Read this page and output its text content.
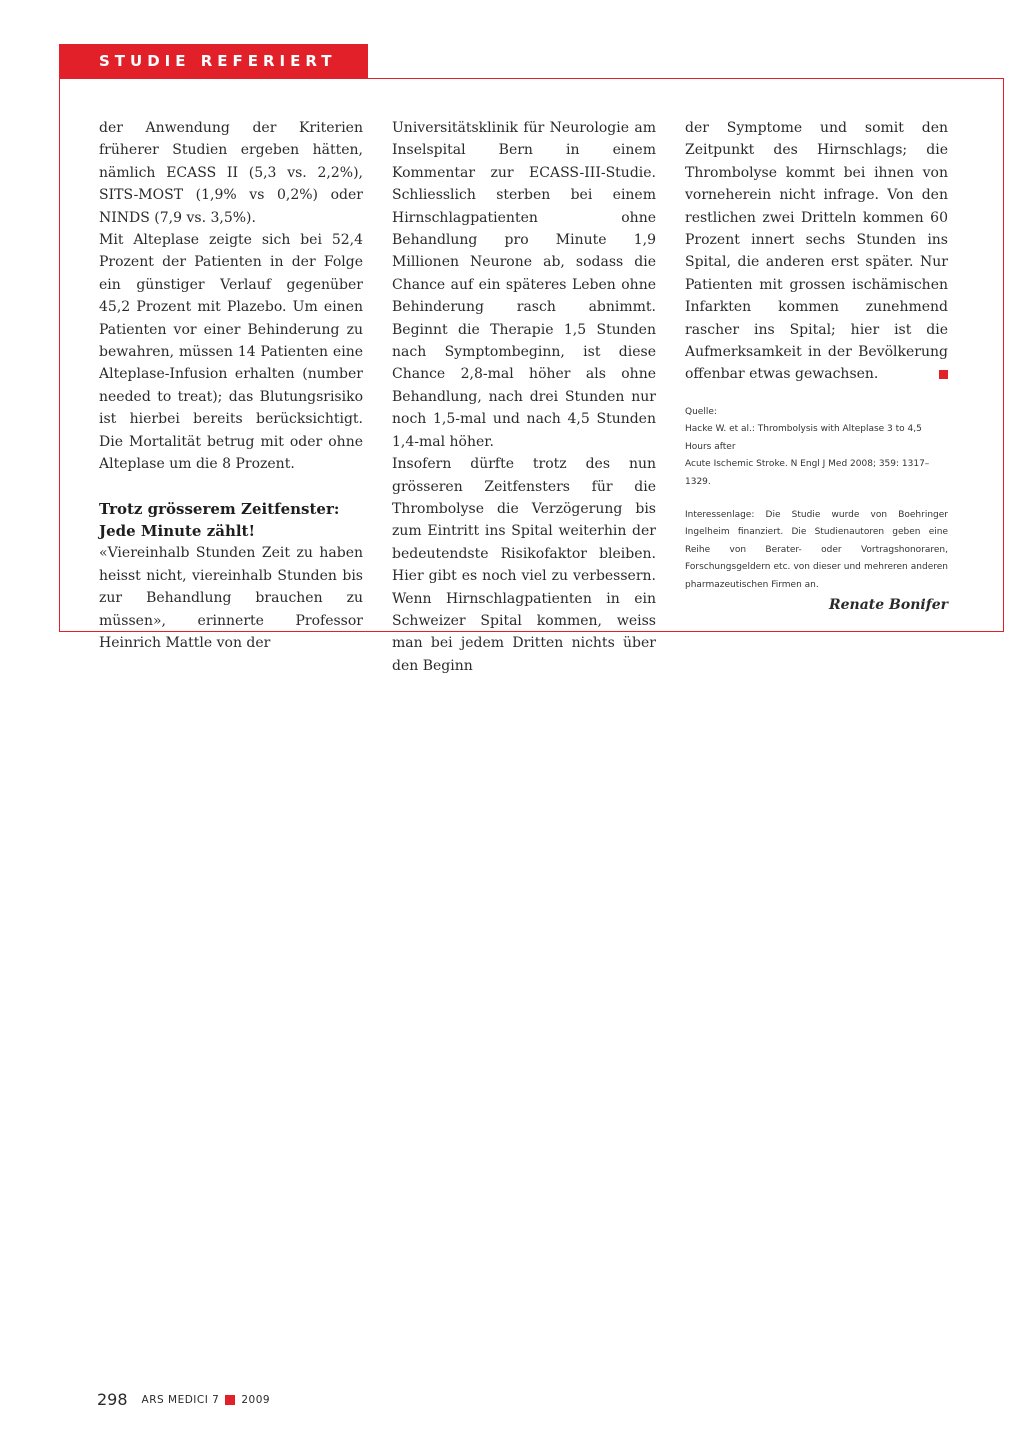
STUDIE REFERIERT

der Anwendung der Kriterien früherer Studien ergeben hätten, nämlich ECASS II (5,3 vs. 2,2%), SITS-MOST (1,9% vs 0,2%) oder NINDS (7,9 vs. 3,5%).

Mit Alteplase zeigte sich bei 52,4 Prozent der Patienten in der Folge ein günstiger Verlauf gegenüber 45,2 Prozent mit Plazebo. Um einen Patienten vor einer Behinderung zu bewahren, müssen 14 Patienten eine Alteplase-Infusion erhalten (number needed to treat); das Blutungsrisiko ist hierbei bereits berücksichtigt. Die Mortalität betrug mit oder ohne Alteplase um die 8 Prozent.

Trotz grösserem Zeitfenster:
Jede Minute zählt!

«Viereinhalb Stunden Zeit zu haben heisst nicht, viereinhalb Stunden bis zur Behandlung brauchen zu müssen», erinnerte Professor Heinrich Mattle von der

Universitätsklinik für Neurologie am Inselspital Bern in einem Kommentar zur ECASS-III-Studie. Schliesslich sterben bei einem Hirnschlagpatienten ohne Behandlung pro Minute 1,9 Millionen Neurone ab, sodass die Chance auf ein späteres Leben ohne Behinderung rasch abnimmt. Beginnt die Therapie 1,5 Stunden nach Symptombeginn, ist diese Chance 2,8-mal höher als ohne Behandlung, nach drei Stunden nur noch 1,5-mal und nach 4,5 Stunden 1,4-mal höher.

Insofern dürfte trotz des nun grösseren Zeitfensters für die Thrombolyse die Verzögerung bis zum Eintritt ins Spital weiterhin der bedeutendste Risikofaktor bleiben. Hier gibt es noch viel zu verbessern. Wenn Hirnschlagpatienten in ein Schweizer Spital kommen, weiss man bei jedem Dritten nichts über den Beginn

der Symptome und somit den Zeitpunkt des Hirnschlags; die Thrombolyse kommt bei ihnen von vorneherein nicht infrage. Von den restlichen zwei Dritteln kommen 60 Prozent innert sechs Stunden ins Spital, die anderen erst später. Nur Patienten mit grossen ischämischen Infarkten kommen zunehmend rascher ins Spital; hier ist die Aufmerksamkeit in der Bevölkerung offenbar etwas gewachsen.

Quelle:

Hacke W. et al.: Thrombolysis with Alteplase 3 to 4,5 Hours after

Acute Ischemic Stroke. N Engl J Med 2008; 359: 1317–1329.

Interessenlage: Die Studie wurde von Boehringer Ingelheim finanziert. Die Studienautoren geben eine Reihe von Berater- oder Vortragshonoraren, Forschungsgeldern etc. von dieser und mehreren anderen pharmazeutischen Firmen an.

Renate Bonifer

298 ARS MEDICI 7 2009
